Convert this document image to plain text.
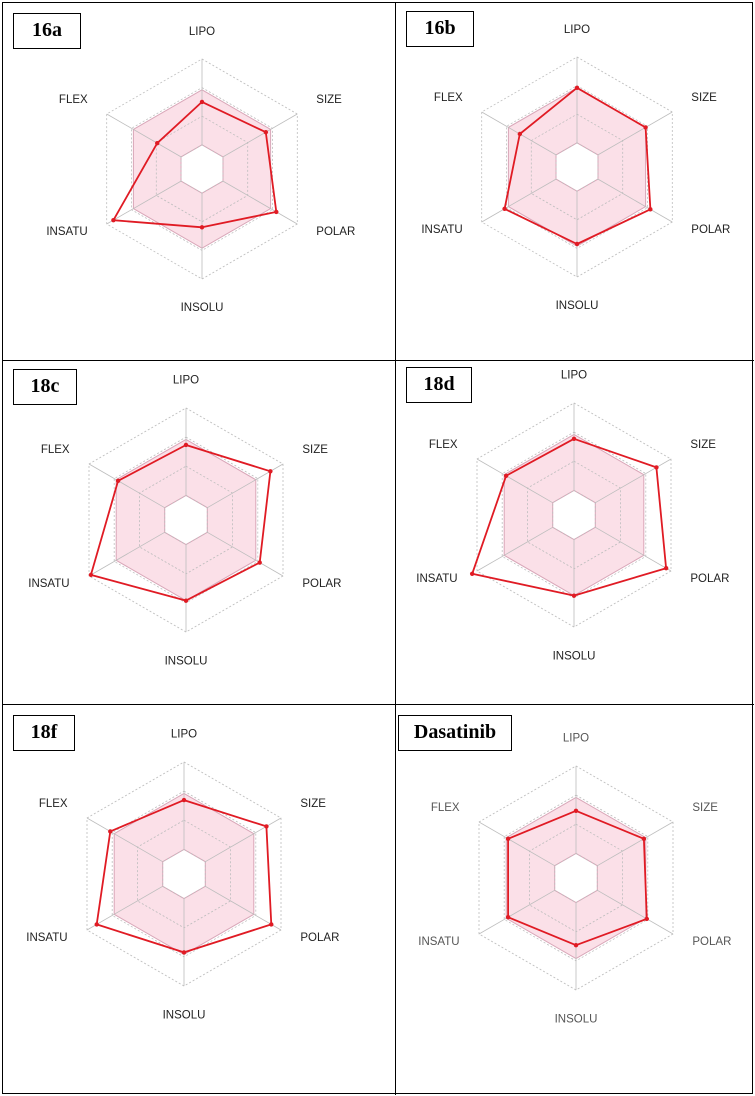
LIPO
SIZE
POLAR
INSOLU
INSATU
FLEX
16a	LIPO
SIZE
POLAR
INSOLU
INSATU
FLEX
16b
LIPO
SIZE
POLAR
INSOLU
INSATU
FLEX
18c	LIPO
SIZE
POLAR
INSOLU
INSATU
FLEX
18d
LIPO
SIZE
POLAR
INSOLU
INSATU
FLEX
18f	LIPO
SIZE
POLAR
INSOLU
INSATU
FLEX
Dasatinib
